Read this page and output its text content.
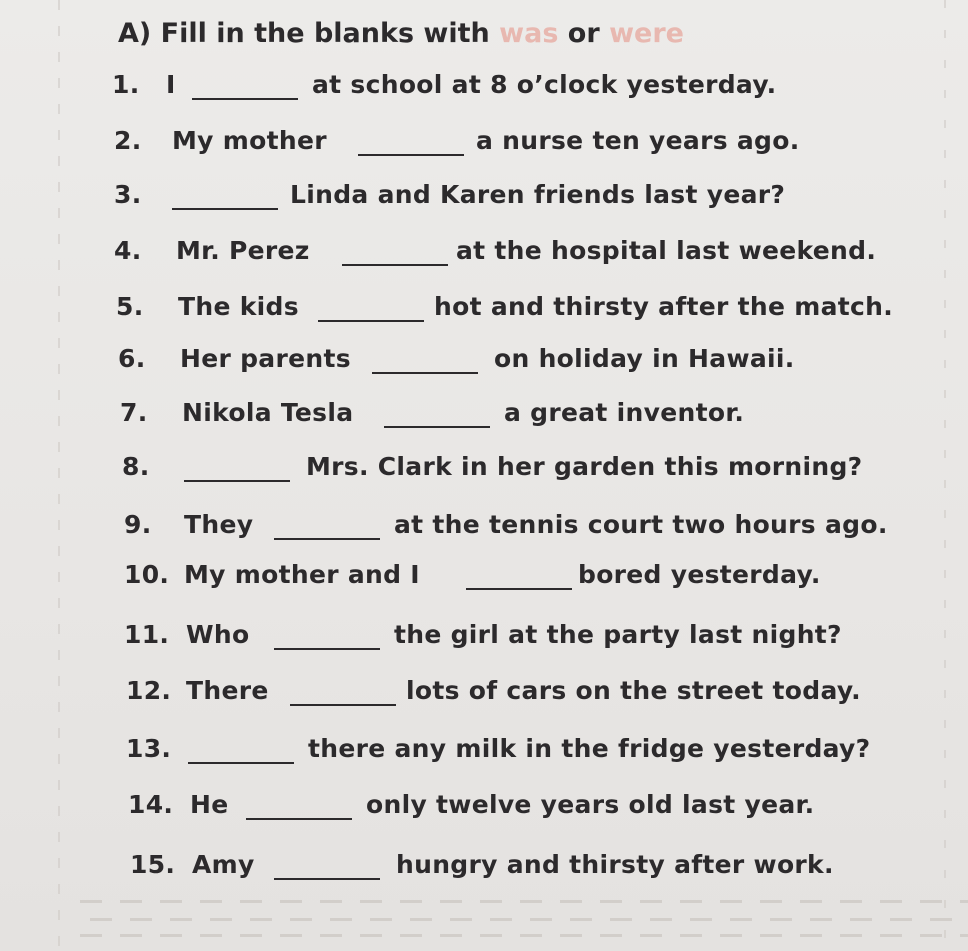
A) Fill in the blanks with was or were
1. I	at school at 8 o’clock yesterday.
2. My mother	a nurse ten years ago.
3.	Linda and Karen friends last year?
4. Mr. Perez	at the hospital last weekend.
5. The kids	hot and thirsty after the match.
6. Her parents	on holiday in Hawaii.
7. Nikola Tesla	a great inventor.
8.	Mrs. Clark in her garden this morning?
9. They	at the tennis court two hours ago.
10. My mother and I	bored yesterday.
11. Who	the girl at the party last night?
12. There	lots of cars on the street today.
13.	there any milk in the fridge yesterday?
14. He	only twelve years old last year.
15. Amy	hungry and thirsty after work.
